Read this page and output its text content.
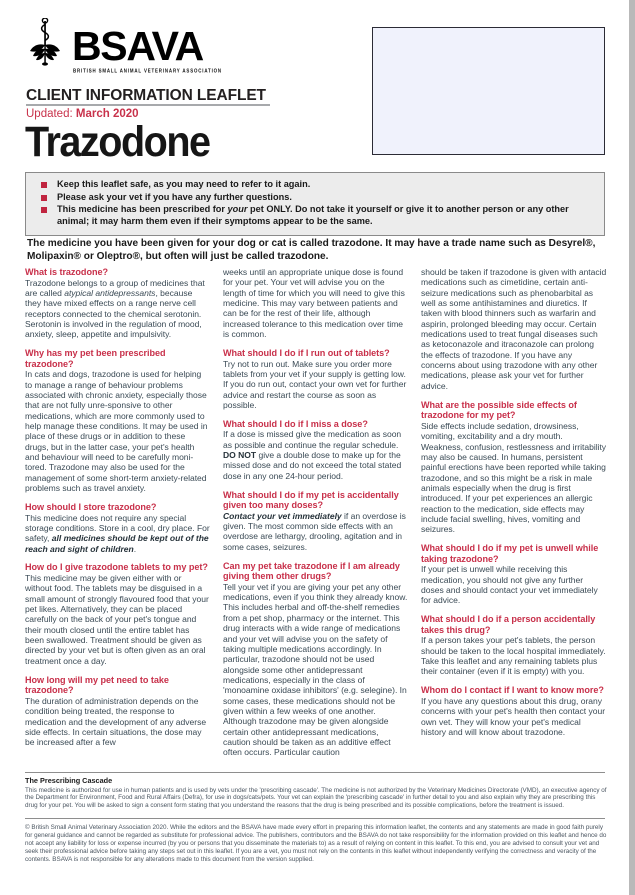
BSAVA
BRITISH SMALL ANIMAL VETERINARY ASSOCIATION
CLIENT INFORMATION LEAFLET
Updated: March 2020
Trazodone
Keep this leaflet safe, as you may need to refer to it again.
Please ask your vet if you have any further questions.
This medicine has been prescribed for your pet ONLY. Do not take it yourself or give it to another person or any other animal; it may harm them even if their symptoms appear to be the same.
The medicine you have been given for your dog or cat is called trazodone. It may have a trade name such as Desyrel®, Molipaxin® or Oleptro®, but often will just be called trazodone.
What is trazodone?

Trazodone belongs to a group of medicines that are called atypical antidepressants, because they have mixed effects on a range nerve cell receptors connected to the chemical serotonin. Serotonin is involved in the regulation of mood, anxiety, sleep, appetite and impulsivity.

Why has my pet been prescribed trazodone?

In cats and dogs, trazodone is used for helping to manage a range of behaviour problems associated with chronic anxiety, especially those that are not fully unre-sponsive to other medications, which are more commonly used to help manage these conditions. It may be used in place of these drugs or in addition to these drugs, but in the latter case, your pet's health and behaviour will need to be carefully moni-tored. Trazodone may also be used for the management of some short-term anxiety-related problems such as travel anxiety.

How should I store trazodone?

This medicine does not require any special storage conditions. Store in a cool, dry place. For safety, all medicines should be kept out of the reach and sight of children.

How do I give trazodone tablets to my pet?

This medicine may be given either with or without food. The tablets may be disguised in a small amount of strongly flavoured food that your pet likes. Alternatively, they can be placed carefully on the back of your pet's tongue and their mouth closed until the entire tablet has been swallowed. Treatment should be given as directed by your vet but is often given as an oral treatment once a day.

How long will my pet need to take trazodone?

The duration of administration depends on the condition being treated, the response to medication and the development of any adverse side effects. In certain situations, the dose may be increased after a few

weeks until an appropriate unique dose is found for your pet. Your vet will advise you on the length of time for which you will need to give this medicine. This may vary between patients and can be for the rest of their life, although increased tolerance to this medication over time is common.

What should I do if I run out of tablets?

Try not to run out. Make sure you order more tablets from your vet if your supply is getting low. If you do run out, contact your own vet for further advice and restart the course as soon as possible.

What should I do if I miss a dose?

If a dose is missed give the medication as soon as possible and continue the regular schedule. DO NOT give a double dose to make up for the missed dose and do not exceed the total stated dose in any one 24-hour period.

What should I do if my pet is accidentally given too many doses?

Contact your vet immediately if an overdose is given. The most common side effects with an overdose are lethargy, drooling, agitation and in some cases, seizures.

Can my pet take trazodone if I am already giving them other drugs?

Tell your vet if you are giving your pet any other medications, even if you think they already know. This includes herbal and off-the-shelf remedies from a pet shop, pharmacy or the internet. This drug interacts with a wide range of medications and your vet will advise you on the safety of taking multiple medications accordingly. In particular, trazodone should not be used alongside some other antidepressant medications, especially in the class of 'monoamine oxidase inhibitors' (e.g. selegine). In some cases, these medications should not be given within a few weeks of one another. Although trazodone may be given alongside certain other antidepressant medications, caution should be taken as an additive effect often occurs. Particular caution

should be taken if trazodone is given with antacid medications such as cimetidine, certain anti-seizure medications such as phenobarbital as well as some antihistamines and diuretics. If taken with blood thinners such as warfarin and aspirin, prolonged bleeding may occur. Certain medications used to treat fungal diseases such as ketoconazole and itraconazole can prolong the effects of trazodone. If you have any concerns about using trazodone with any other medications, please ask your vet for further advice.

What are the possible side effects of trazodone for my pet?

Side effects include sedation, drowsiness, vomiting, excitability and a dry mouth. Weakness, confusion, restlessness and irritability may also be caused. In humans, persistent painful erections have been reported while taking trazodone, and so this might be a risk in male animals especially when the drug is first introduced. If your pet experiences an allergic reaction to the medication, side effects may include facial swelling, hives, vomiting and seizures.

What should I do if my pet is unwell while taking trazodone?

If your pet is unwell while receiving this medication, you should not give any further doses and should contact your vet immediately for advice.

What should I do if a person accidentally takes this drug?

If a person takes your pet's tablets, the person should be taken to the local hospital immediately. Take this leaflet and any remaining tablets plus their container (even if it is empty) with you.

Whom do I contact if I want to know more?

If you have any questions about this drug, orany concerns with your pet's health then contact your own vet. They will know your pet's medical history and will know about trazodone.

The Prescribing Cascade

This medicine is authorized for use in human patients and is used by vets under the 'prescribing cascade'. The medicine is not authorized by the Veterinary Medicines Directorate (VMD), an executive agency of the Department for Environment, Food and Rural Affairs (Defra), for use in dogs/cats/pets. Your vet can explain the 'prescribing cascade' in further detail to you and also explain why they are prescribing this drug for your pet. You will be asked to sign a consent form stating that you understand the reasons that the drug is being prescribed and its possible complications, before the treatment is issued.

© British Small Animal Veterinary Association 2020. While the editors and the BSAVA have made every effort in preparing this information leaflet, the contents and any statements are made in good faith purely for general guidance and cannot be regarded as substitute for professional advice. The publishers, contributors and the BSAVA do not take responsibility for the information provided on this leaflet and hence do not accept any liability for loss or expense incurred (by you or persons that you disseminate the materials to) as a result of relying on content in this leaflet. To this end, you are advised to consult your vet and seek their professional advice before taking any steps set out in this leaflet. If you are a vet, you must not rely on the contents in this leaflet without independently verifying the correctness and veracity of the contents. BSAVA is not responsible for any alterations made to this document from the version supplied.
